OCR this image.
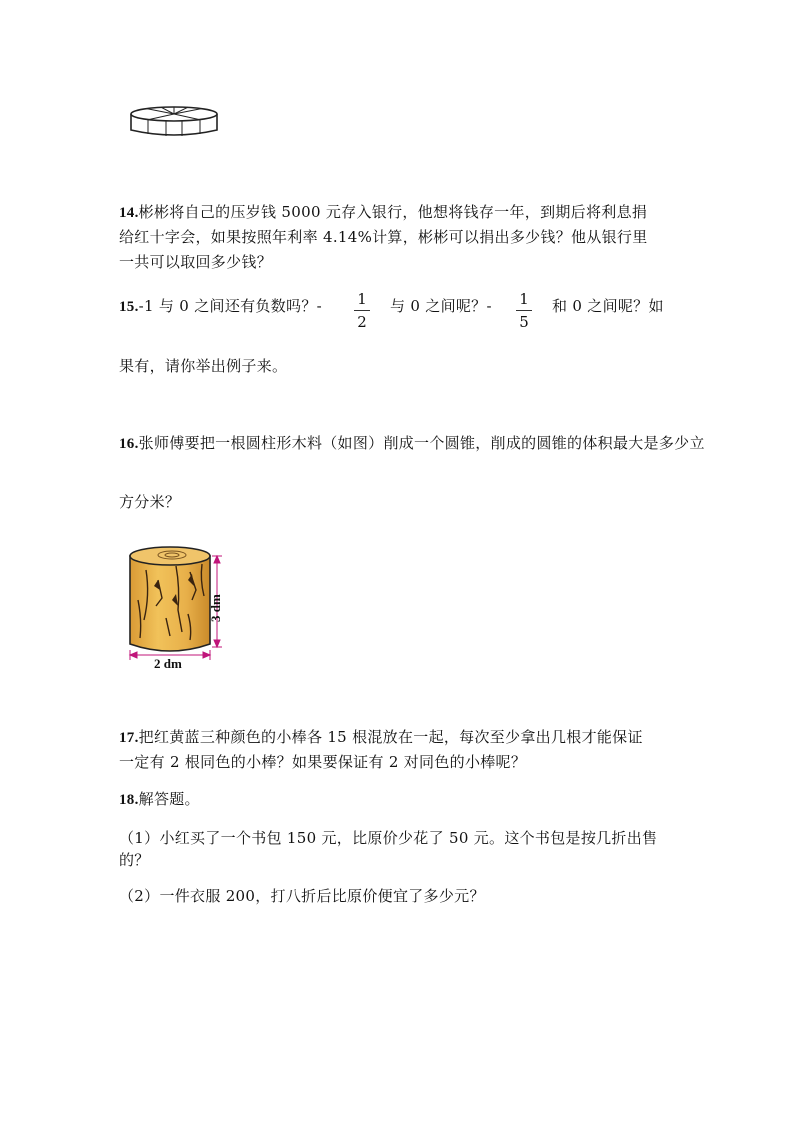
14.彬彬将自己的压岁钱 5000 元存入银行，他想将钱存一年，到期后将利息捐
给红十字会，如果按照年利率 4.14%计算，彬彬可以捐出多少钱？他从银行里
一共可以取回多少钱？
15.-1 与 0 之间还有负数吗？- 1
2
与 0 之间呢？- 1
5
和 0 之间呢？如
果有，请你举出例子来。
16.张师傅要把一根圆柱形木料（如图）削成一个圆锥，削成的圆锥的体积最大是多少立
方分米？
3 dm
2 dm
17.把红黄蓝三种颜色的小棒各 15 根混放在一起，每次至少拿出几根才能保证
一定有 2 根同色的小棒？如果要保证有 2 对同色的小棒呢？
18.解答题。
（1）小红买了一个书包 150 元，比原价少花了 50 元。这个书包是按几折出售
的？
（2）一件衣服 200，打八折后比原价便宜了多少元？
